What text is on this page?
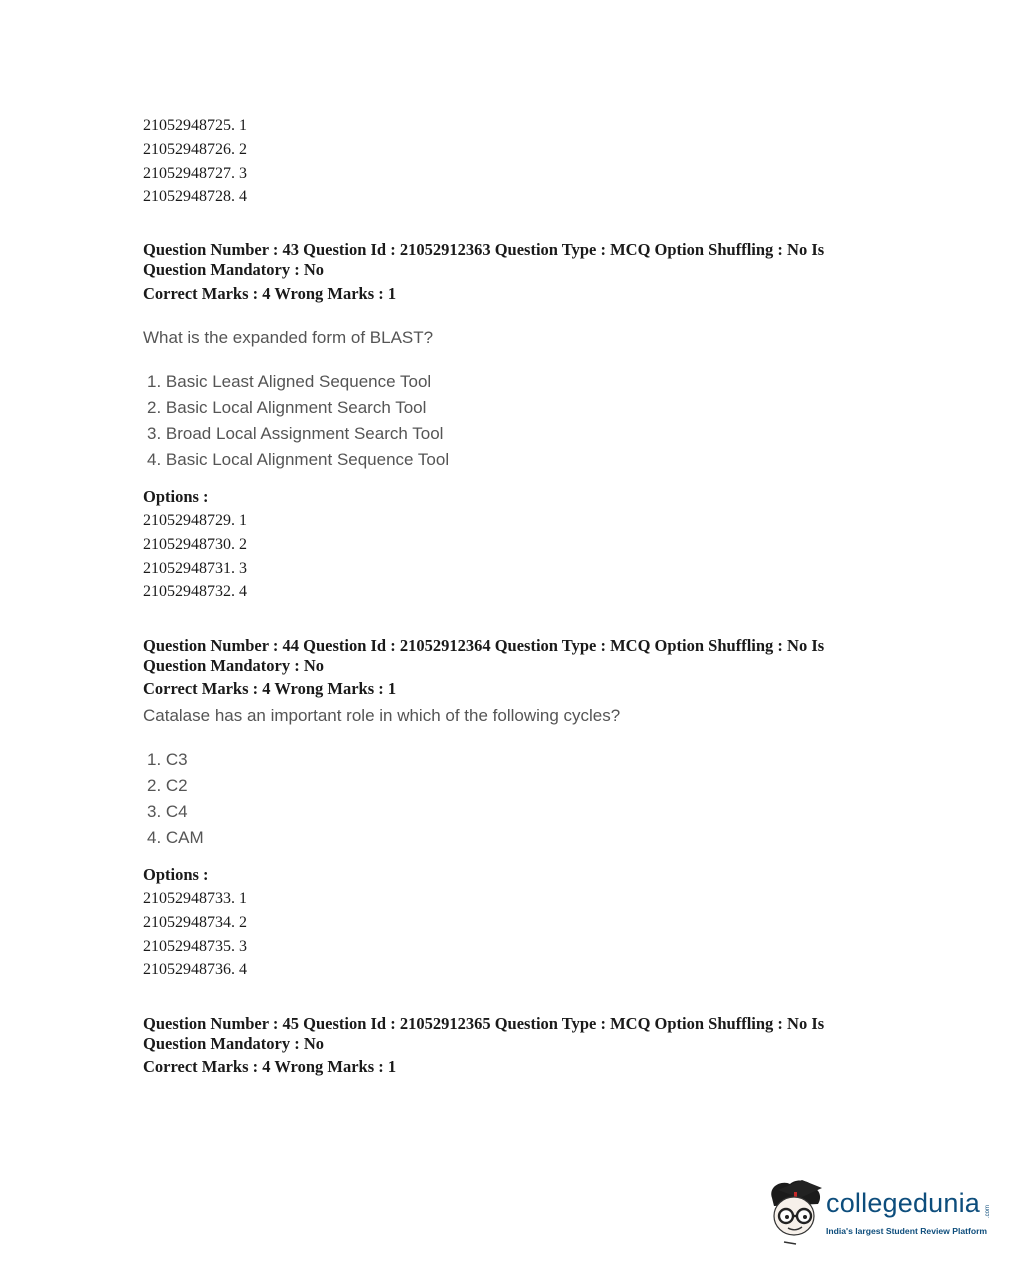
21052948725. 1
21052948726. 2
21052948727. 3
21052948728. 4
Question Number : 43 Question Id : 21052912363 Question Type : MCQ Option Shuffling : No Is
Question Mandatory : No
Correct Marks : 4 Wrong Marks : 1
What is the expanded form of BLAST?
1. Basic Least Aligned Sequence Tool
2. Basic Local Alignment Search Tool
3. Broad Local Assignment Search Tool
4. Basic Local Alignment Sequence Tool
Options :
21052948729. 1
21052948730. 2
21052948731. 3
21052948732. 4
Question Number : 44 Question Id : 21052912364 Question Type : MCQ Option Shuffling : No Is
Question Mandatory : No
Correct Marks : 4 Wrong Marks : 1
Catalase has an important role in which of the following cycles?
1. C3
2. C2
3. C4
4. CAM
Options :
21052948733. 1
21052948734. 2
21052948735. 3
21052948736. 4
Question Number : 45 Question Id : 21052912365 Question Type : MCQ Option Shuffling : No Is
Question Mandatory : No
Correct Marks : 4 Wrong Marks : 1
collegedunia .com
India's largest Student Review Platform
